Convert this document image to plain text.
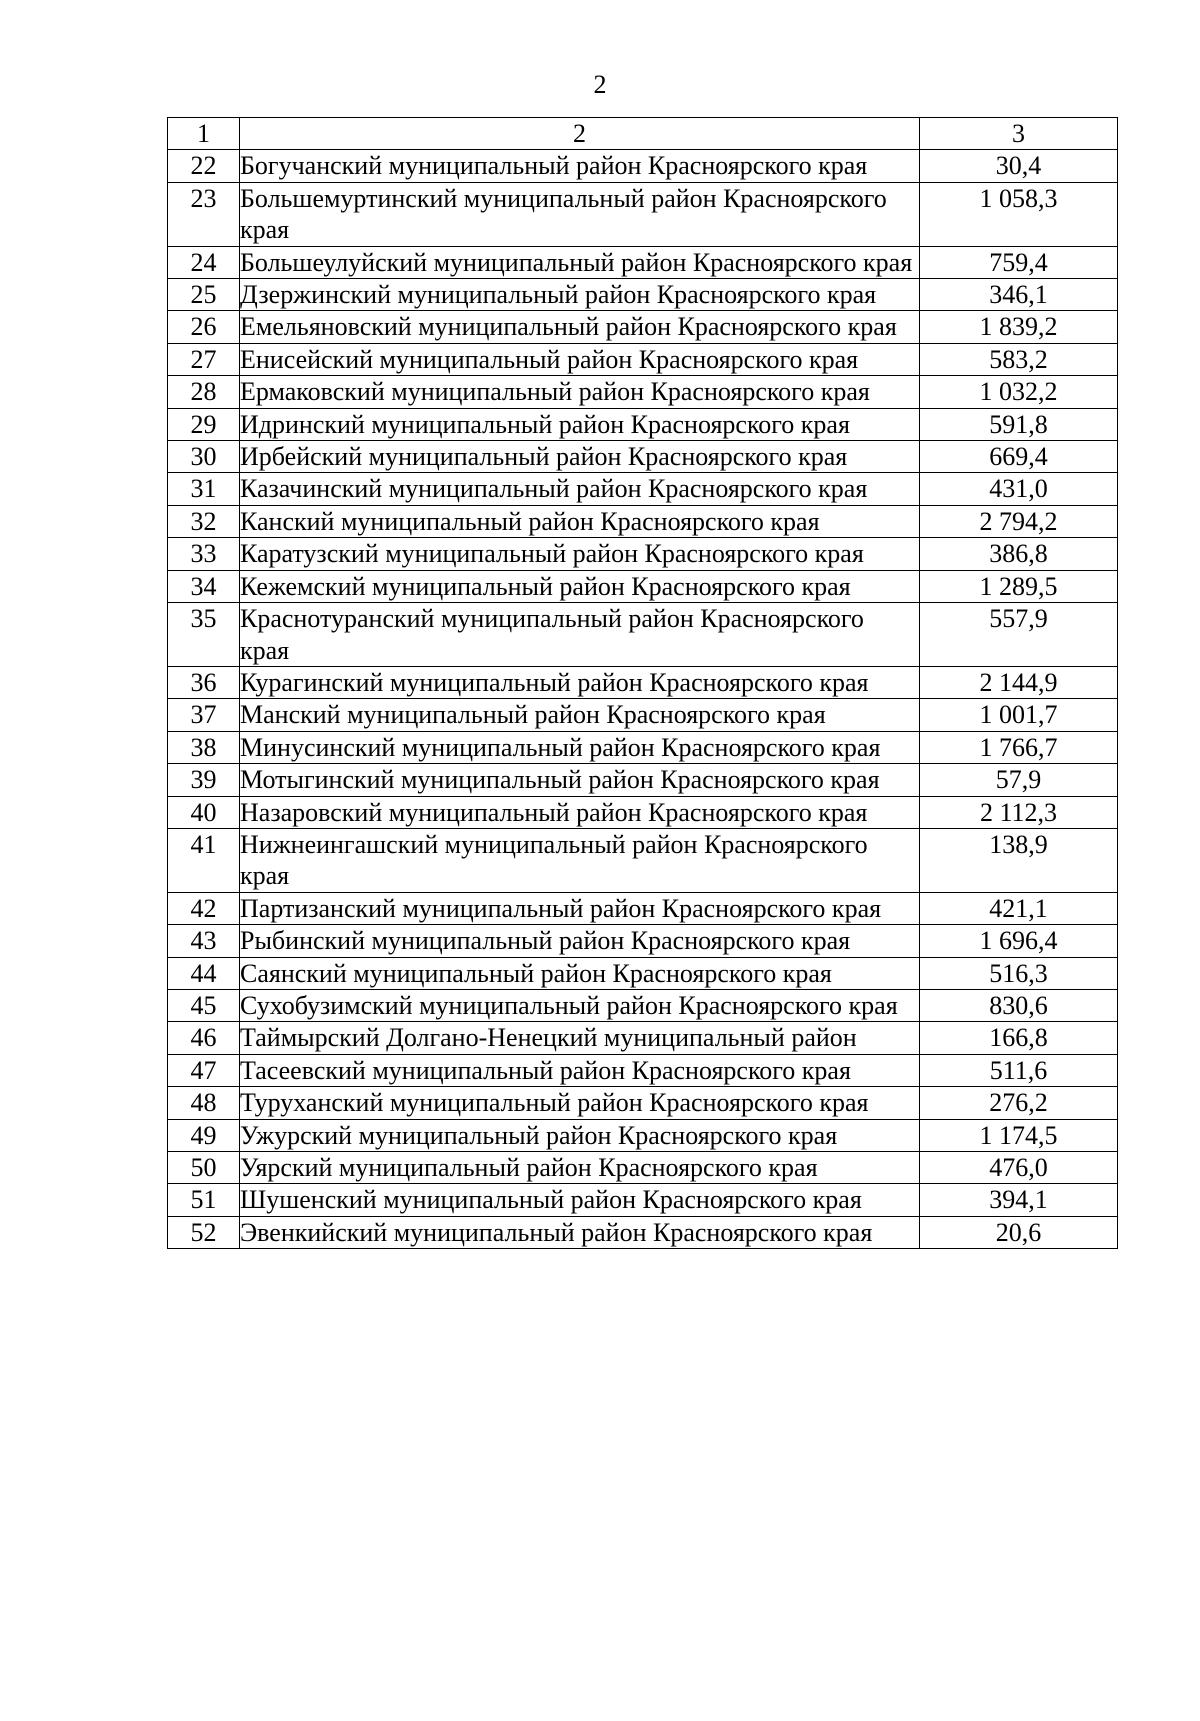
2
1	2	3
22	Богучанский муниципальный район Красноярского края	30,4
23	Большемуртинский муниципальный район Красноярского края	1 058,3
24	Большеулуйский муниципальный район Красноярского края	759,4
25	Дзержинский муниципальный район Красноярского края	346,1
26	Емельяновский муниципальный район Красноярского края	1 839,2
27	Енисейский муниципальный район Красноярского края	583,2
28	Ермаковский муниципальный район Красноярского края	1 032,2
29	Идринский муниципальный район Красноярского края	591,8
30	Ирбейский муниципальный район Красноярского края	669,4
31	Казачинский муниципальный район Красноярского края	431,0
32	Канский муниципальный район Красноярского края	2 794,2
33	Каратузский муниципальный район Красноярского края	386,8
34	Кежемский муниципальный район Красноярского края	1 289,5
35	Краснотуранский муниципальный район Красноярского края	557,9
36	Курагинский муниципальный район Красноярского края	2 144,9
37	Манский муниципальный район Красноярского края	1 001,7
38	Минусинский муниципальный район Красноярского края	1 766,7
39	Мотыгинский муниципальный район Красноярского края	57,9
40	Назаровский муниципальный район Красноярского края	2 112,3
41	Нижнеингашский муниципальный район Красноярского края	138,9
42	Партизанский муниципальный район Красноярского края	421,1
43	Рыбинский муниципальный район Красноярского края	1 696,4
44	Саянский муниципальный район Красноярского края	516,3
45	Сухобузимский муниципальный район Красноярского края	830,6
46	Таймырский Долгано-Ненецкий муниципальный район	166,8
47	Тасеевский муниципальный район Красноярского края	511,6
48	Туруханский муниципальный район Красноярского края	276,2
49	Ужурский муниципальный район Красноярского края	1 174,5
50	Уярский муниципальный район Красноярского края	476,0
51	Шушенский муниципальный район Красноярского края	394,1
52	Эвенкийский муниципальный район Красноярского края	20,6
